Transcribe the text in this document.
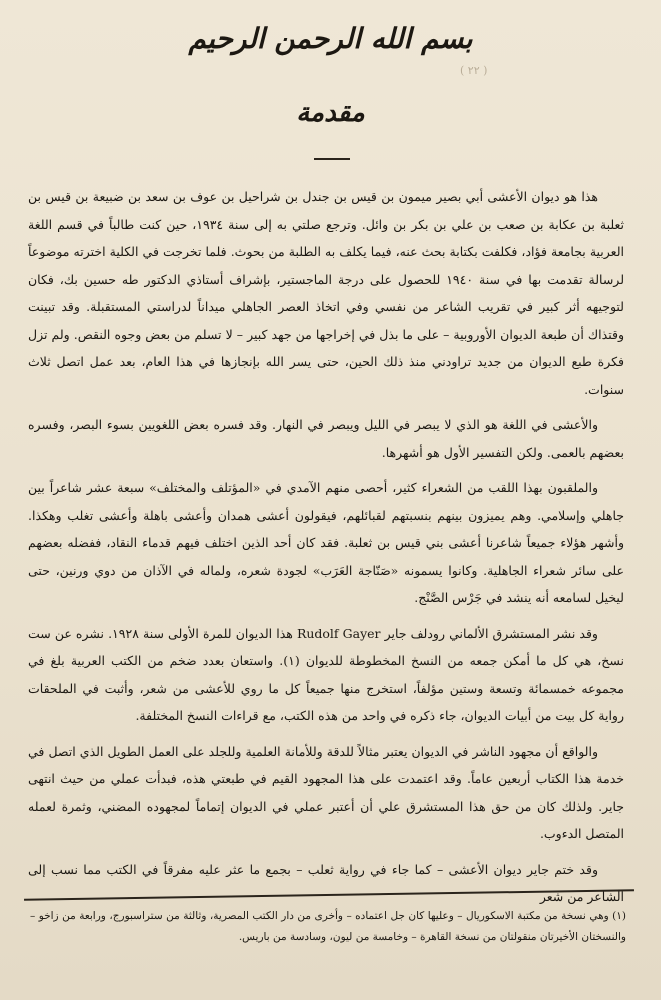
( ٢٢ )
بسم الله الرحمن الرحيم
مقدمة

هذا هو ديوان الأعشى أبي بصير ميمون بن قيس بن جندل بن شراحيل بن عوف بن سعد بن ضبيعة بن قيس بن ثعلبة بن عكابة بن صعب بن علي بن بكر بن وائل. وترجع صلتي به إلى سنة ١٩٣٤، حين كنت طالباً في قسم اللغة العربية بجامعة فؤاد، فكلفت بكتابة بحث عنه، فيما يكلف به الطلبة من بحوث. فلما تخرجت في الكلية اخترته موضوعاً لرسالة تقدمت بها في سنة ١٩٤٠ للحصول على درجة الماجستير، بإشراف أستاذي الدكتور طه حسين بك، فكان لتوجيهه أثر كبير في تقريب الشاعر من نفسي وفي اتخاذ العصر الجاهلي ميداناً لدراستي المستقبلة. وقد تبينت وقتذاك أن طبعة الديوان الأوروبية – على ما بذل في إخراجها من جهد كبير – لا تسلم من بعض وجوه النقص. ولم تزل فكرة طبع الديوان من جديد تراودني منذ ذلك الحين، حتى يسر الله بإنجازها في هذا العام، بعد عمل اتصل ثلاث سنوات.

والأعشى في اللغة هو الذي لا يبصر في الليل ويبصر في النهار. وقد فسره بعض اللغويين بسوء البصر، وفسره بعضهم بالعمى. ولكن التفسير الأول هو أشهرها.

والملقبون بهذا اللقب من الشعراء كثير، أحصى منهم الآمدي في «المؤتلف والمختلف» سبعة عشر شاعراً بين جاهلي وإسلامي. وهم يميزون بينهم بنسبتهم لقبائلهم، فيقولون أعشى همدان وأعشى باهلة وأعشى تغلب وهكذا. وأشهر هؤلاء جميعاً شاعرنا أعشى بني قيس بن ثعلبة. فقد كان أحد الذين اختلف فيهم قدماء النقاد، ففضله بعضهم على سائر شعراء الجاهلية. وكانوا يسمونه «صَنّاجة العَرَب» لجودة شعره، ولماله في الآذان من دوي ورنين، حتى ليخيل لسامعه أنه ينشد في جَرْس الصَّنْج.

وقد نشر المستشرق الألماني رودلف جاير Rudolf Gayer هذا الديوان للمرة الأولى سنة ١٩٢٨. نشره عن ست نسخ، هي كل ما أمكن جمعه من النسخ المخطوطة للديوان (١). واستعان بعدد ضخم من الكتب العربية بلغ في مجموعه خمسمائة وتسعة وستين مؤلفاً، استخرج منها جميعاً كل ما روي للأعشى من شعر، وأثبت في الملحقات رواية كل بيت من أبيات الديوان، جاء ذكره في واحد من هذه الكتب، مع قراءات النسخ المختلفة.

والواقع أن مجهود الناشر في الديوان يعتبر مثالاً للدقة وللأمانة العلمية وللجلد على العمل الطويل الذي اتصل في خدمة هذا الكتاب أربعين عاماً. وقد اعتمدت على هذا المجهود القيم في طبعتي هذه، فبدأت عملي من حيث انتهى جاير. ولذلك كان من حق هذا المستشرق علي أن أعتبر عملي في الديوان إتماماً لمجهوده المضني، وثمرة لعمله المتصل الدءوب.

وقد ختم جاير ديوان الأعشى – كما جاء في رواية ثعلب – بجمع ما عثر عليه مفرقاً في الكتب مما نسب إلى الشاعر من شعر

(١) وهي نسخة من مكتبة الاسكوريال – وعليها كان جل اعتماده – وأخرى من دار الكتب المصرية، وثالثة من ستراسبورج، ورابعة من زاخو – والنسختان الأخيرتان منقولتان من نسخة القاهرة – وخامسة من ليون، وسادسة من باريس.
